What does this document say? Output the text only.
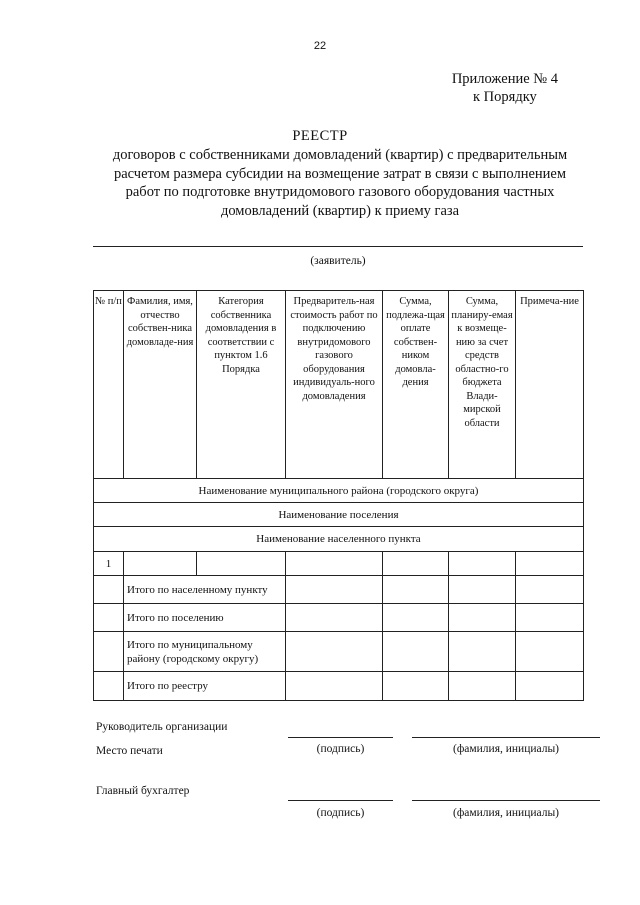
22
Приложение № 4
к Порядку
РЕЕСТР
договоров с собственниками домовладений (квартир) с предварительным расчетом размера субсидии на возмещение затрат в связи с выполнением работ по подготовке внутридомового газового оборудования частных домовладений (квартир) к приему газа
(заявитель)
№ п/п	Фамилия, имя, отчество собствен-ника домовладе-ния	Категория собственника домовладения в соответствии с пунктом 1.6 Порядка	Предваритель-ная стоимость работ по подключению внутридомового газового оборудования индивидуаль-ного домовладения	Сумма, подлежа-щая оплате собствен-ником домовла-дения	Сумма, планиру-емая к возмеще-нию за счет средств областно-го бюджета Влади-мирской области	Примеча-ние
Наименование муниципального района (городского округа)						
Наименование поселения						
Наименование населенного пункта						
1						
	Итого по населенному пункту					
	Итого по поселению					
	Итого по муниципальному району (городскому округу)					
	Итого по реестру					
Руководитель организации
Место печати	(подпись)	(фамилия, инициалы)
Главный бухгалтер
(подпись)	(фамилия, инициалы)
